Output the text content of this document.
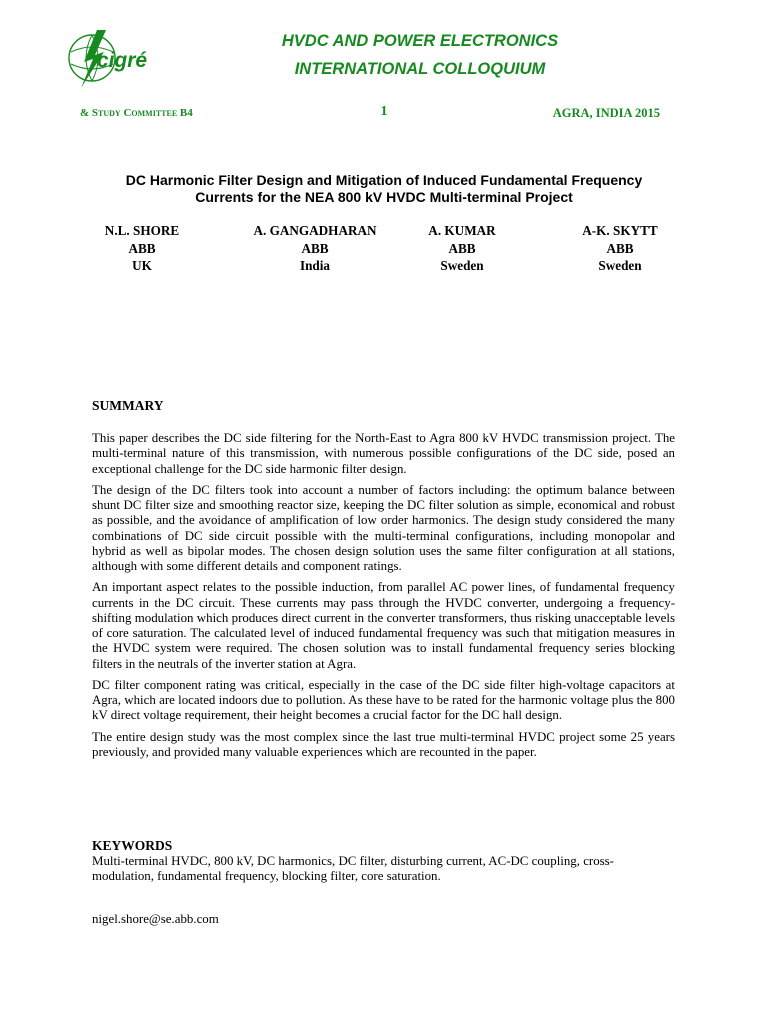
cigré
HVDC AND POWER ELECTRONICS
INTERNATIONAL COLLOQUIUM
& Study Committee B4	1	AGRA, INDIA 2015
DC Harmonic Filter Design and Mitigation of Induced Fundamental Frequency
Currents for the NEA 800 kV HVDC Multi-terminal Project
N.L. SHORE
ABB
UK
A. GANGADHARAN
ABB
India
A. KUMAR
ABB
Sweden
A-K. SKYTT
ABB
Sweden
SUMMARY

This paper describes the DC side filtering for the North-East to Agra 800 kV HVDC transmission project. The multi-terminal nature of this transmission, with numerous possible configurations of the DC side, posed an exceptional challenge for the DC side harmonic filter design.

The design of the DC filters took into account a number of factors including: the optimum balance between shunt DC filter size and smoothing reactor size, keeping the DC filter solution as simple, economical and robust as possible, and the avoidance of amplification of low order harmonics. The design study considered the many combinations of DC side circuit possible with the multi-terminal configurations, including monopolar and hybrid as well as bipolar modes. The chosen design solution uses the same filter configuration at all stations, although with some different details and component ratings.

An important aspect relates to the possible induction, from parallel AC power lines, of fundamental frequency currents in the DC circuit. These currents may pass through the HVDC converter, undergoing a frequency-shifting modulation which produces direct current in the converter transformers, thus risking unacceptable levels of core saturation. The calculated level of induced fundamental frequency was such that mitigation measures in the HVDC system were required. The chosen solution was to install fundamental frequency series blocking filters in the neutrals of the inverter station at Agra.

DC filter component rating was critical, especially in the case of the DC side filter high-voltage capacitors at Agra, which are located indoors due to pollution. As these have to be rated for the harmonic voltage plus the 800 kV direct voltage requirement, their height becomes a crucial factor for the DC hall design.

The entire design study was the most complex since the last true multi-terminal HVDC project some 25 years previously, and provided many valuable experiences which are recounted in the paper.

KEYWORDS
Multi-terminal HVDC, 800 kV, DC harmonics, DC filter, disturbing current, AC-DC coupling, cross-modulation, fundamental frequency, blocking filter, core saturation.
nigel.shore@se.abb.com
